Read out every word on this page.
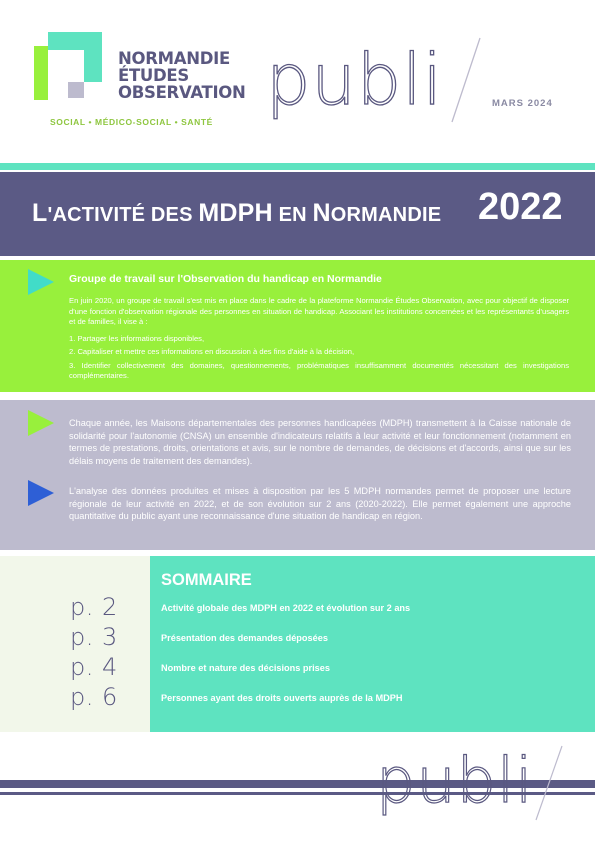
NORMANDIE
ÉTUDES
OBSERVATION
SOCIAL • MÉDICO-SOCIAL • SANTÉ
publi	MARS 2024
L'ACTIVITÉ DES MDPH EN NORMANDIE 2022
Groupe de travail sur l'Observation du handicap en Normandie

En juin 2020, un groupe de travail s'est mis en place dans le cadre de la plateforme Normandie Études Observation, avec pour objectif de disposer d'une fonction d'observation régionale des personnes en situation de handicap. Associant les institutions concernées et les représentants d'usagers et de familles, il vise à :

1. Partager les informations disponibles,
2. Capitaliser et mettre ces informations en discussion à des fins d'aide à la décision,
3. Identifier collectivement des domaines, questionnements, problématiques insuffisamment documentés nécessitant des investigations complémentaires.
Chaque année, les Maisons départementales des personnes handicapées (MDPH) transmettent à la Caisse nationale de solidarité pour l'autonomie (CNSA) un ensemble d'indicateurs relatifs à leur activité et leur fonctionnement (notamment en termes de prestations, droits, orientations et avis, sur le nombre de demandes, de décisions et d'accords, ainsi que sur les délais moyens de traitement des demandes).
L'analyse des données produites et mises à disposition par les 5 MDPH normandes permet de proposer une lecture régionale de leur activité en 2022, et de son évolution sur 2 ans (2020-2022). Elle permet également une approche quantitative du public ayant une reconnaissance d'une situation de handicap en région.
SOMMAIRE
p. 2	Activité globale des MDPH en 2022 et évolution sur 2 ans
p. 3	Présentation des demandes déposées
p. 4	Nombre et nature des décisions prises
p. 6	Personnes ayant des droits ouverts auprès de la MDPH
publi
